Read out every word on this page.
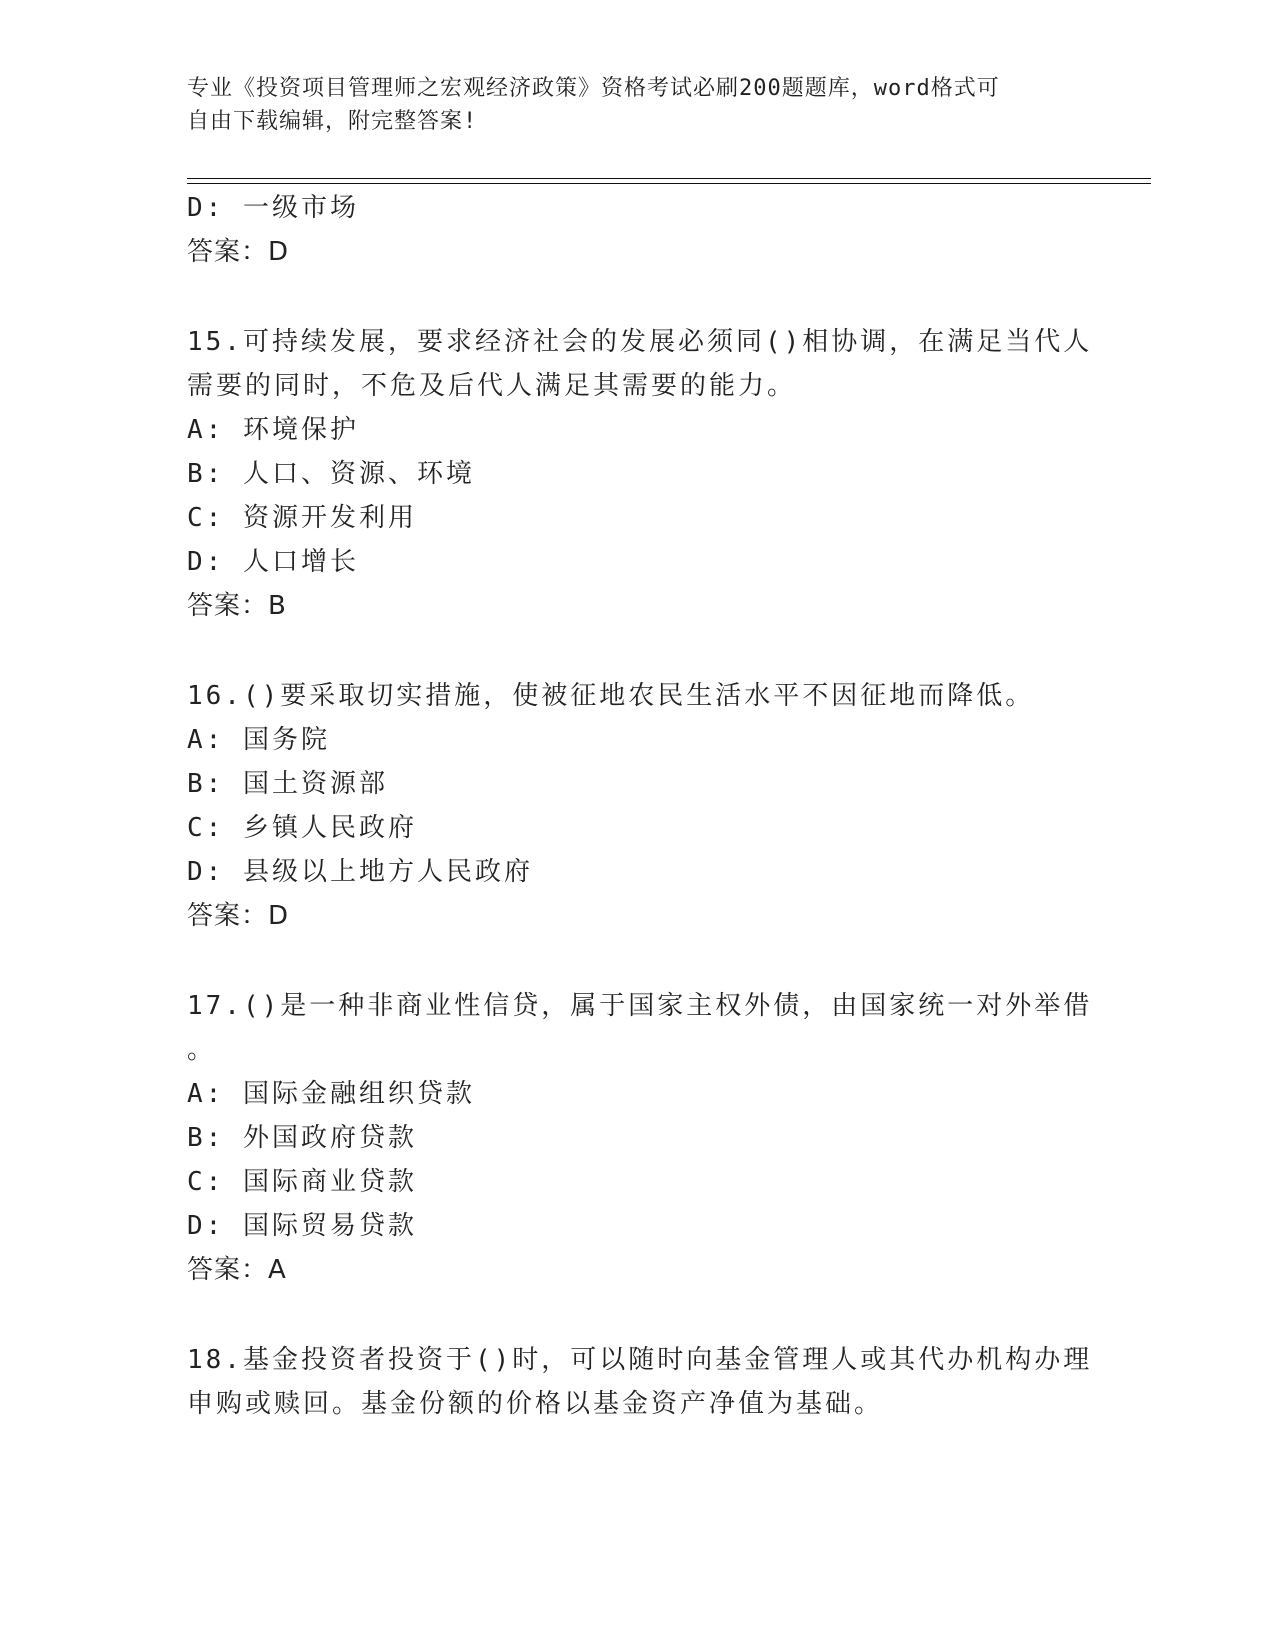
专业《投资项目管理师之宏观经济政策》资格考试必刷200题题库，word格式可
自由下载编辑，附完整答案!
D: 一级市场
答案：D
15.可持续发展，要求经济社会的发展必须同()相协调，在满足当代人
需要的同时，不危及后代人满足其需要的能力。
A: 环境保护
B: 人口、资源、环境
C: 资源开发利用
D: 人口增长
答案：B
16.()要采取切实措施，使被征地农民生活水平不因征地而降低。
A: 国务院
B: 国土资源部
C: 乡镇人民政府
D: 县级以上地方人民政府
答案：D
17.()是一种非商业性信贷，属于国家主权外债，由国家统一对外举借
。
A: 国际金融组织贷款
B: 外国政府贷款
C: 国际商业贷款
D: 国际贸易贷款
答案：A
18.基金投资者投资于()时，可以随时向基金管理人或其代办机构办理
申购或赎回。基金份额的价格以基金资产净值为基础。
